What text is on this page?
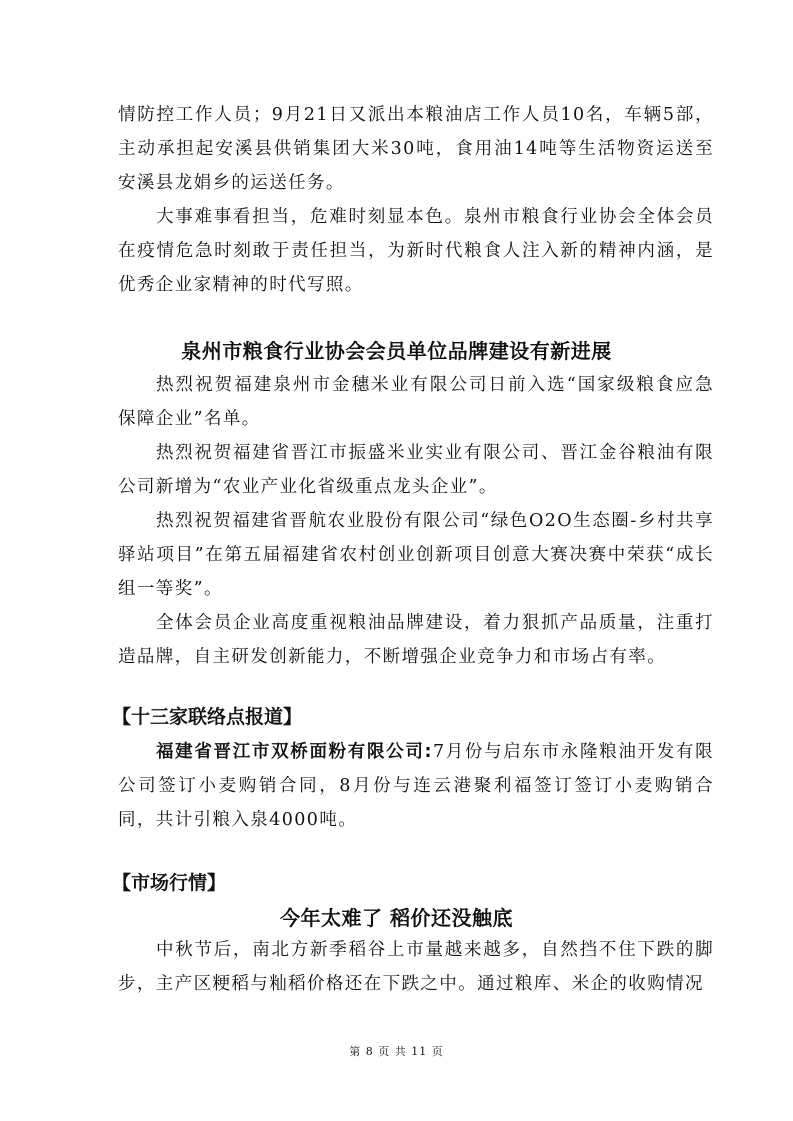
情防控工作人员；9月21日又派出本粮油店工作人员10名，车辆5部，主动承担起安溪县供销集团大米30吨，食用油14吨等生活物资运送至安溪县龙娟乡的运送任务。

大事难事看担当，危难时刻显本色。泉州市粮食行业协会全体会员在疫情危急时刻敢于责任担当，为新时代粮食人注入新的精神内涵，是优秀企业家精神的时代写照。

泉州市粮食行业协会会员单位品牌建设有新进展

热烈祝贺福建泉州市金穗米业有限公司日前入选“国家级粮食应急保障企业”名单。

热烈祝贺福建省晋江市振盛米业实业有限公司、晋江金谷粮油有限公司新增为“农业产业化省级重点龙头企业”。

热烈祝贺福建省晋航农业股份有限公司“绿色O2O生态圈-乡村共享驿站项目”在第五届福建省农村创业创新项目创意大赛决赛中荣获“成长组一等奖”。

全体会员企业高度重视粮油品牌建设，着力狠抓产品质量，注重打造品牌，自主研发创新能力，不断增强企业竞争力和市场占有率。

【十三家联络点报道】

福建省晋江市双桥面粉有限公司:7月份与启东市永隆粮油开发有限公司签订小麦购销合同，8月份与连云港聚利福签订签订小麦购销合同，共计引粮入泉4000吨。

【市场行情】
今年太难了 稻价还没触底

中秋节后，南北方新季稻谷上市量越来越多，自然挡不住下跌的脚步，主产区粳稻与籼稻价格还在下跌之中。通过粮库、米企的收购情况

第 8 页 共 11 页
